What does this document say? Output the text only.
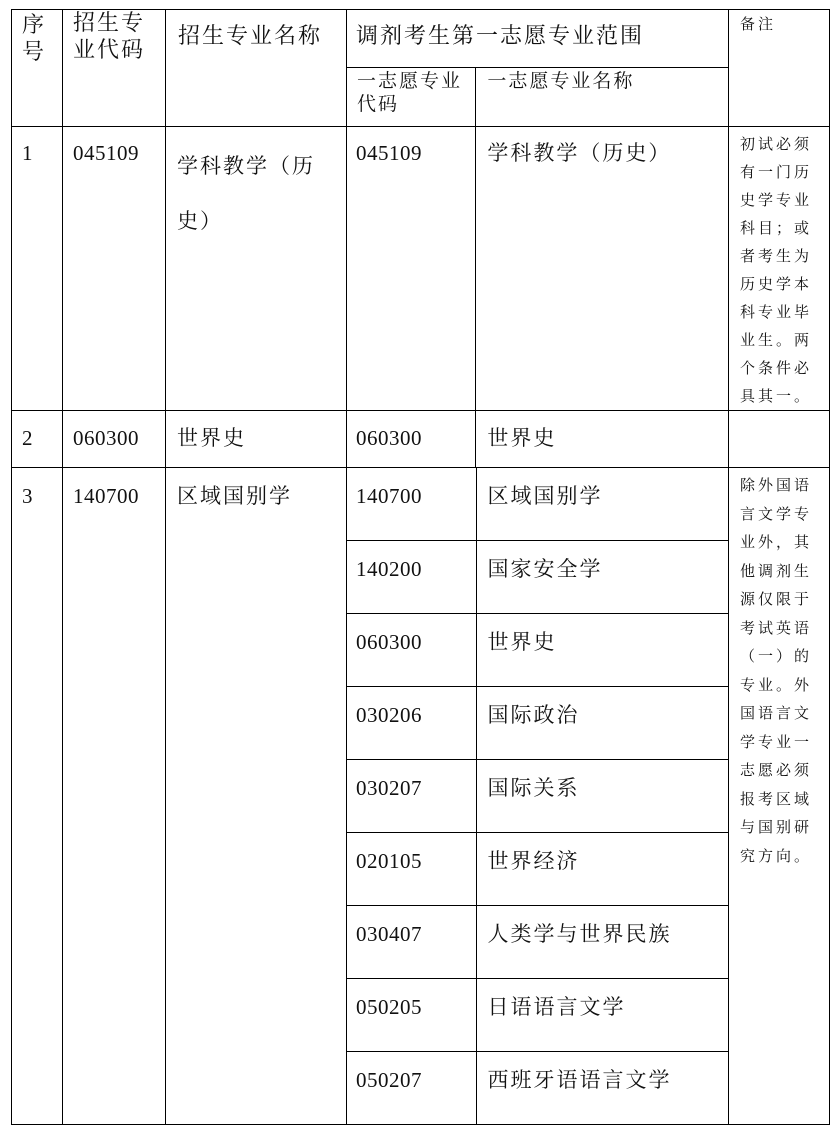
序号	招生专业代码	招生专业名称	调剂考生第一志愿专业范围	备注
一志愿专业代码	一志愿专业名称
1	045109	学科教学（历史）	045109	学科教学（历史）	初试必须有一门历史学专业科目；或者考生为历史学本科专业毕业生。两个条件必具其一。
2	060300	世界史	060300	世界史	
3	140700	区域国别学		140700	区域国别学
140200	国家安全学
060300	世界史
030206	国际政治
030207	国际关系
020105	世界经济
030407	人类学与世界民族
050205	日语语言文学
050207	西班牙语语言文学
	除外国语言文学专业外，其他调剂生源仅限于考试英语（一）的专业。外国语言文学专业一志愿必须报考区域与国别研究方向。
